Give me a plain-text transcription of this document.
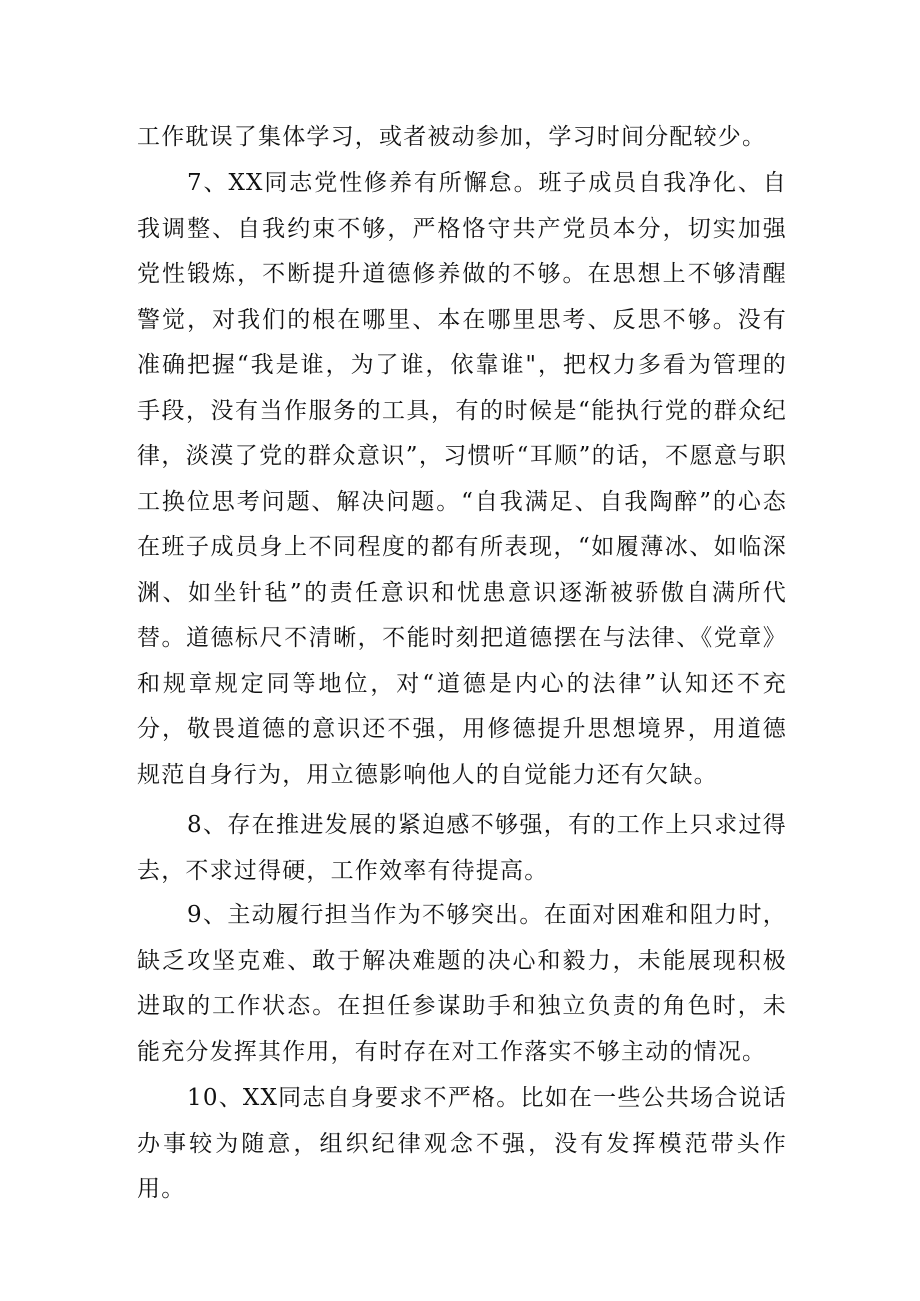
工作耽误了集体学习，或者被动参加，学习时间分配较少。

7、XX同志党性修养有所懈怠。班子成员自我净化、自我调整、自我约束不够，严格恪守共产党员本分，切实加强党性锻炼，不断提升道德修养做的不够。在思想上不够清醒警觉，对我们的根在哪里、本在哪里思考、反思不够。没有准确把握“我是谁，为了谁，依靠谁"，把权力多看为管理的手段，没有当作服务的工具，有的时候是“能执行党的群众纪律，淡漠了党的群众意识”，习惯听“耳顺”的话，不愿意与职工换位思考问题、解决问题。“自我满足、自我陶醉”的心态在班子成员身上不同程度的都有所表现，“如履薄冰、如临深渊、如坐针毡”的责任意识和忧患意识逐渐被骄傲自满所代替。道德标尺不清晰，不能时刻把道德摆在与法律、《党章》和规章规定同等地位，对“道德是内心的法律”认知还不充分，敬畏道德的意识还不强，用修德提升思想境界，用道德规范自身行为，用立德影响他人的自觉能力还有欠缺。

8、存在推进发展的紧迫感不够强，有的工作上只求过得去，不求过得硬，工作效率有待提高。

9、主动履行担当作为不够突出。在面对困难和阻力时，缺乏攻坚克难、敢于解决难题的决心和毅力，未能展现积极进取的工作状态。在担任参谋助手和独立负责的角色时，未能充分发挥其作用，有时存在对工作落实不够主动的情况。

10、XX同志自身要求不严格。比如在一些公共场合说话办事较为随意，组织纪律观念不强，没有发挥模范带头作用。
